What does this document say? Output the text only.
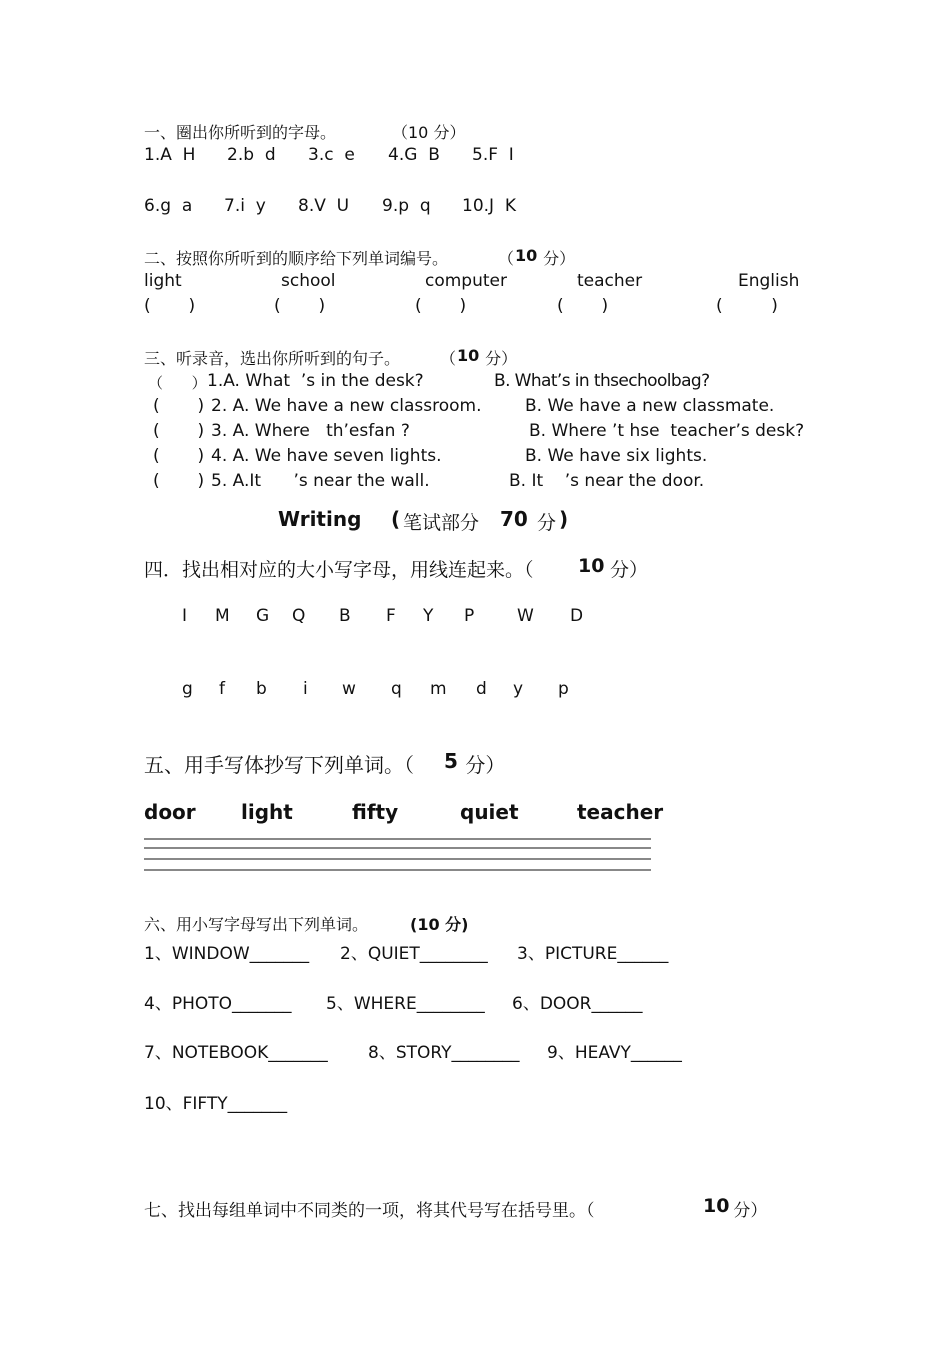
一、圈出你所听到的字母。	（10 分）
1.A  H 2.b  d 3.c  e 4.G  B 5.F  I
6.g  a 7.i  y 8.V  U 9.p  q 10.J  K
二、按照你所听到的顺序给下列单词编号。	（ 10 分）
light	school	computer	teacher	English
(       )	(       )	(       )	(       )	(         )
三、听录音，选出你所听到的句子。 （ 10 分）
（      ） 1.A. What  ’s in the desk?	B. What’s in thsechoolbag?
(       ) 2. A. We have a new classroom.	B. We have a new classmate.
(       ) 3. A. Where   th’esfan ?	B. Where ’t hse  teacher’s desk?
(       ) 4. A. We have seven lights.	B. We have six lights.
(       ) 5. A.It      ’s near the wall.	B. It    ’s near the door.
Writing ( 笔试部分 70 分 )
四．找出相对应的大小写字母，用线连起来。（ 10 分）
I M G Q B F Y P	W D
g f b i w q m d y p
五、用手写体抄写下列单词。（ 5 分）
door light	fifty	quiet	teacher
六、用小写字母写出下列单词。	(10 分)
1、WINDOW_______ 2、QUIET________ 3、PICTURE______
4、PHOTO_______ 5、WHERE________ 6、DOOR______
7、NOTEBOOK_______ 8、STORY________ 9、HEAVY______
10、FIFTY_______
七、找出每组单词中不同类的一项，将其代号写在括号里。（	10
分）
